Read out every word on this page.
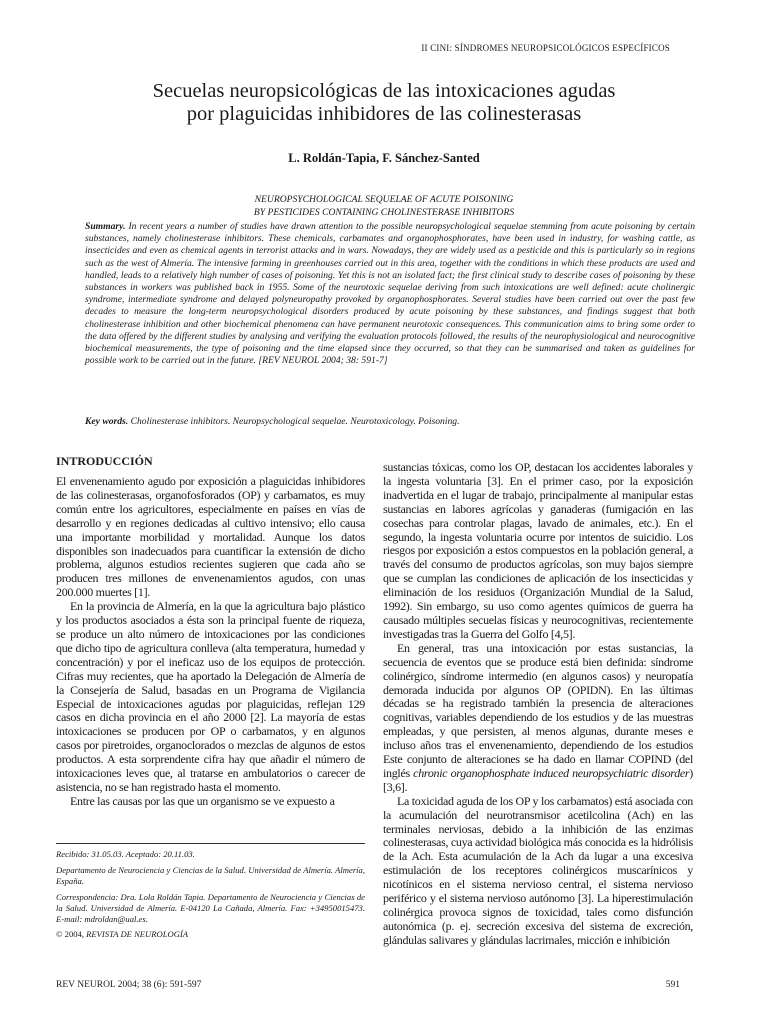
II CINI: SÍNDROMES NEUROPSICOLÓGICOS ESPECÍFICOS
Secuelas neuropsicológicas de las intoxicaciones agudas
por plaguicidas inhibidores de las colinesterasas
L. Roldán-Tapia, F. Sánchez-Santed
NEUROPSYCHOLOGICAL SEQUELAE OF ACUTE POISONING
BY PESTICIDES CONTAINING CHOLINESTERASE INHIBITORS
Summary. In recent years a number of studies have drawn attention to the possible neuropsychological sequelae stemming from acute poisoning by certain substances, namely cholinesterase inhibitors. These chemicals, carbamates and organophosphorates, have been used in industry, for washing cattle, as insecticides and even as chemical agents in terrorist attacks and in wars. Nowadays, they are widely used as a pesticide and this is particularly so in regions such as the west of Almería. The intensive farming in greenhouses carried out in this area, together with the conditions in which these products are used and handled, leads to a relatively high number of cases of poisoning. Yet this is not an isolated fact; the first clinical study to describe cases of poisoning by these substances in workers was published back in 1955. Some of the neurotoxic sequelae deriving from such intoxications are well defined: acute cholinergic syndrome, intermediate syndrome and delayed polyneuropathy provoked by organophosphorates. Several studies have been carried out over the past few decades to measure the long-term neuropsychological disorders produced by acute poisoning by these substances, and findings suggest that both cholinesterase inhibition and other biochemical phenomena can have permanent neurotoxic consequences. This communication aims to bring some order to the data offered by the different studies by analysing and verifying the evaluation protocols followed, the results of the neurophysiological and neurocognitive biochemical measurements, the type of poisoning and the time elapsed since they occurred, so that they can be summarised and taken as guidelines for possible work to be carried out in the future. [REV NEUROL 2004; 38: 591-7]
Key words. Cholinesterase inhibitors. Neuropsychological sequelae. Neurotoxicology. Poisoning.
INTRODUCCIÓN

El envenenamiento agudo por exposición a plaguicidas inhibidores de las colinesterasas, organofosforados (OP) y carbamatos, es muy común entre los agricultores, especialmente en países en vías de desarrollo y en regiones dedicadas al cultivo intensivo; ello causa una importante morbilidad y mortalidad. Aunque los datos disponibles son inadecuados para cuantificar la extensión de dicho problema, algunos estudios recientes sugieren que cada año se producen tres millones de envenenamientos agudos, con unas 200.000 muertes [1].

En la provincia de Almería, en la que la agricultura bajo plástico y los productos asociados a ésta son la principal fuente de riqueza, se produce un alto número de intoxicaciones por las condiciones que dicho tipo de agricultura conlleva (alta temperatura, humedad y concentración) y por el ineficaz uso de los equipos de protección. Cifras muy recientes, que ha aportado la Delegación de Almería de la Consejería de Salud, basadas en un Programa de Vigilancia Especial de intoxicaciones agudas por plaguicidas, reflejan 129 casos en dicha provincia en el año 2000 [2]. La mayoría de estas intoxicaciones se producen por OP o carbamatos, y en algunos casos por piretroides, organoclorados o mezclas de algunos de estos productos. A esta sorprendente cifra hay que añadir el número de intoxicaciones leves que, al tratarse en ambulatorios o carecer de asistencia, no se han registrado hasta el momento.

Entre las causas por las que un organismo se ve expuesto a

sustancias tóxicas, como los OP, destacan los accidentes laborales y la ingesta voluntaria [3]. En el primer caso, por la exposición inadvertida en el lugar de trabajo, principalmente al manipular estas sustancias en labores agrícolas y ganaderas (fumigación en las cosechas para controlar plagas, lavado de animales, etc.). En el segundo, la ingesta voluntaria ocurre por intentos de suicidio. Los riesgos por exposición a estos compuestos en la población general, a través del consumo de productos agrícolas, son muy bajos siempre que se cumplan las condiciones de aplicación de los insecticidas y eliminación de los residuos (Organización Mundial de la Salud, 1992). Sin embargo, su uso como agentes químicos de guerra ha causado múltiples secuelas físicas y neurocognitivas, recientemente investigadas tras la Guerra del Golfo [4,5].

En general, tras una intoxicación por estas sustancias, la secuencia de eventos que se produce está bien definida: síndrome colinérgico, síndrome intermedio (en algunos casos) y neuropatía demorada inducida por algunos OP (OPIDN). En las últimas décadas se ha registrado también la presencia de alteraciones cognitivas, variables dependiendo de los estudios y de las muestras empleadas, y que persisten, al menos algunas, durante meses e incluso años tras el envenenamiento, dependiendo de los estudios Este conjunto de alteraciones se ha dado en llamar COPIND (del inglés chronic organophosphate induced neuropsychiatric disorder) [3,6].

La toxicidad aguda de los OP y los carbamatos) está asociada con la acumulación del neurotransmisor acetilcolina (Ach) en las terminales nerviosas, debido a la inhibición de las enzimas colinesterasas, cuya actividad biológica más conocida es la hidrólisis de la Ach. Esta acumulación de la Ach da lugar a una excesiva estimulación de los receptores colinérgicos muscarínicos y nicotínicos en el sistema nervioso central, el sistema nervioso periférico y el sistema nervioso autónomo [3]. La hiperestimulación colinérgica provoca signos de toxicidad, tales como disfunción autonómica (p. ej. secreción excesiva del sistema de excreción, glándulas salivares y glándulas lacrimales, micción e inhibición

Recibido: 31.05.03. Aceptado: 20.11.03.
Departamento de Neurociencia y Ciencias de la Salud. Universidad de Almería. Almería, España.
Correspondencia: Dra. Lola Roldán Tapia. Departamento de Neurociencia y Ciencias de la Salud. Universidad de Almería. E-04120 La Cañada, Almería. Fax: +34950015473. E-mail: mdroldan@ual.es.
© 2004, REVISTA DE NEUROLOGÍA
REV NEUROL 2004; 38 (6): 591-597	591
